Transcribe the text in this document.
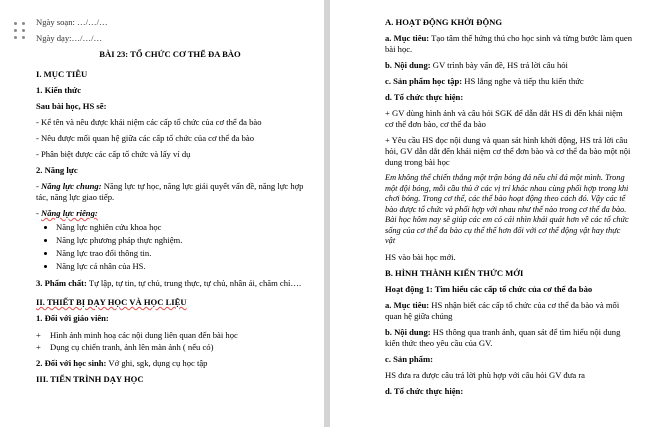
Ngày soạn: …/…/…

Ngày dạy:…/…/…

BÀI 23: TỔ CHỨC CƠ THỂ ĐA BÀO

I. MỤC TIÊU

1. Kiến thức

Sau bài học, HS sẽ:

- Kể tên và nêu được khái niệm các cấp tổ chức của cơ thể đa bào

- Nêu được mối quan hệ giữa các cấp tổ chức của cơ thể đa bào

- Phân biệt được các cấp tổ chức và lấy ví dụ

2. Năng lực

- Năng lực chung: Năng lực tự học, năng lực giải quyết vấn đề, năng lực hợp tác, năng lực giao tiếp.

- Năng lực riêng:

• Năng lực nghiên cứu khoa học
• Năng lực phương pháp thực nghiệm.
• Năng lực trao đổi thông tin.
• Năng lực cá nhân của HS.

3. Phẩm chất: Tự lập, tự tin, tự chủ, trung thực, tự chủ, nhân ái, chăm chỉ….

II. THIẾT BỊ DẠY HỌC VÀ HỌC LIỆU

1. Đối với giáo viên:

+	Hình ảnh minh hoạ các nội dung liên quan đến bài học
+	Dụng cụ chiến tranh, ảnh lên màn ảnh ( nếu có)

2. Đối với học sinh: Vở ghi, sgk, dụng cụ học tập

III. TIẾN TRÌNH DẠY HỌC

A. HOẠT ĐỘNG KHỞI ĐỘNG

a. Mục tiêu: Tạo tâm thế hứng thú cho học sinh và từng bước làm quen bài học.

b. Nội dung: GV trình bày vấn đề, HS trả lời câu hỏi

c. Sản phẩm học tập: HS lắng nghe và tiếp thu kiến thức

d. Tổ chức thực hiện:

+ GV dùng hình ảnh và câu hỏi SGK để dẫn dắt HS đi đến khái niệm cơ thể đơn bào, cơ thể đa bào

+ Yêu cầu HS đọc nội dung và quan sát hình khởi động, HS trả lời câu hỏi, GV dẫn dắt đến khái niệm cơ thể đơn bào và cơ thể đa bào một nội dung trong bài học

Em không thể chiến thắng một trận bóng đá nếu chỉ đá một mình. Trong một đội bóng, mỗi cầu thủ ở các vị trí khác nhau cùng phối hợp trong khi chơi bóng. Trong cơ thể, các thể bào hoạt động theo cách đó. Vậy các tế bào được tổ chức và phối hợp với nhau như thế nào trong cơ thể đa bào. Bài học hôm nay sẽ giúp các em có cái nhìn khái quát hơn về các tổ chức sống của cơ thể đa bào cụ thể thế hơn đối với cơ thể động vật hay thực vật

HS vào bài học mới.

B. HÌNH THÀNH KIẾN THỨC MỚI

Hoạt động 1: Tìm hiểu các cấp tổ chức của cơ thể đa bào

a. Mục tiêu: HS nhận biết các cấp tổ chức của cơ thể đa bào và mối quan hệ giữa chúng

b. Nội dung: HS thông qua tranh ảnh, quan sát để tìm hiểu nội dung kiến thức theo yêu cầu của GV.

c. Sản phẩm:

HS đưa ra được câu trả lời phù hợp với câu hỏi GV đưa ra

d. Tổ chức thực hiện:
